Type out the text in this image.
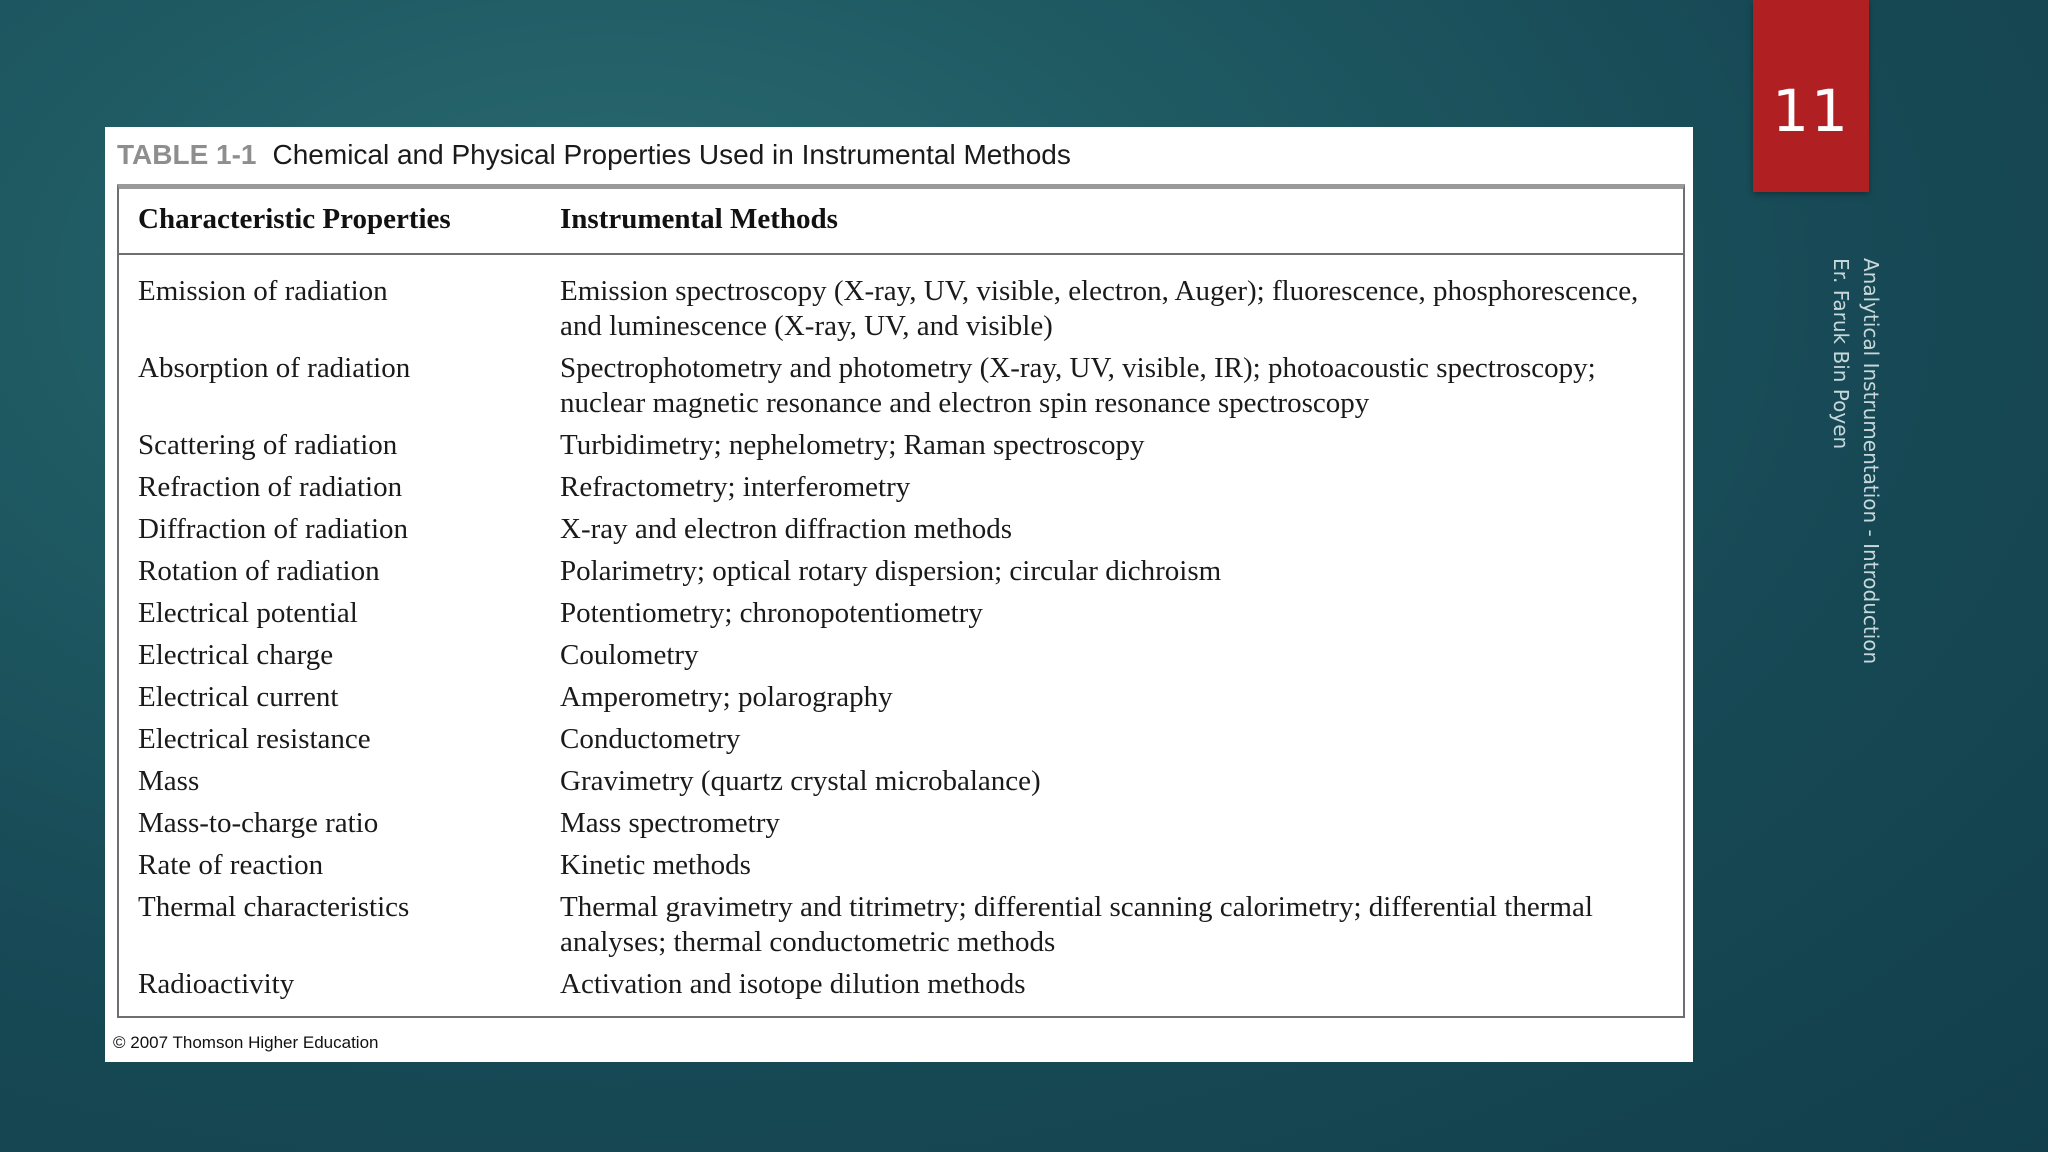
11
Analytical Instrumentation - Introduction
Er. Faruk Bin Poyen
TABLE 1-1 Chemical and Physical Properties Used in Instrumental Methods
Characteristic Properties	Instrumental Methods
Emission of radiation	Emission spectroscopy (X-ray, UV, visible, electron, Auger); fluorescence, phosphorescence, and luminescence (X-ray, UV, and visible)
Absorption of radiation	Spectrophotometry and photometry (X-ray, UV, visible, IR); photoacoustic spectroscopy; nuclear magnetic resonance and electron spin resonance spectroscopy
Scattering of radiation	Turbidimetry; nephelometry; Raman spectroscopy
Refraction of radiation	Refractometry; interferometry
Diffraction of radiation	X-ray and electron diffraction methods
Rotation of radiation	Polarimetry; optical rotary dispersion; circular dichroism
Electrical potential	Potentiometry; chronopotentiometry
Electrical charge	Coulometry
Electrical current	Amperometry; polarography
Electrical resistance	Conductometry
Mass	Gravimetry (quartz crystal microbalance)
Mass-to-charge ratio	Mass spectrometry
Rate of reaction	Kinetic methods
Thermal characteristics	Thermal gravimetry and titrimetry; differential scanning calorimetry; differential thermal analyses; thermal conductometric methods
Radioactivity	Activation and isotope dilution methods
© 2007 Thomson Higher Education
